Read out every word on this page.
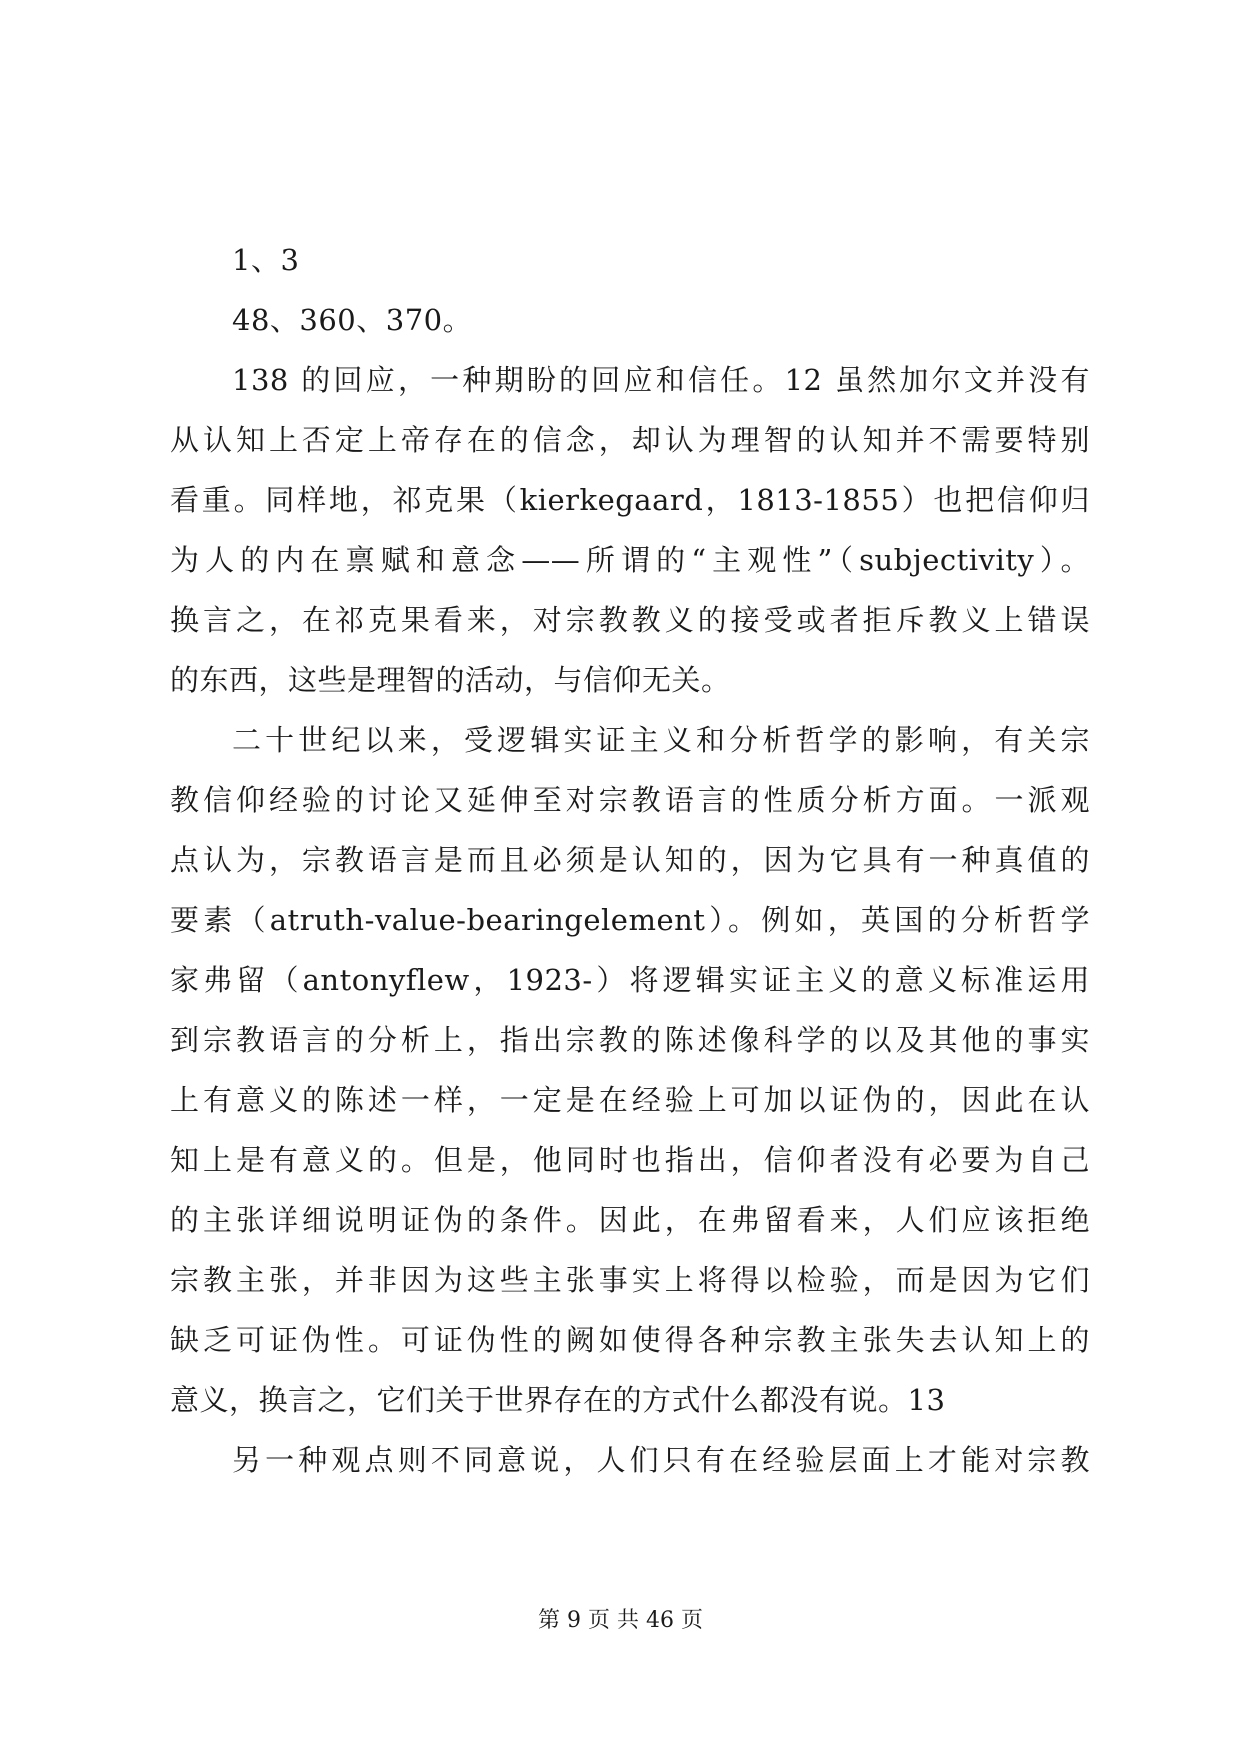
1、3
48、360、370。
138 的回应，一种期盼的回应和信任。12 虽然加尔文并没有
从认知上否定上帝存在的信念，却认为理智的认知并不需要特别
看重。同样地，祁克果（kierkegaard，1813-1855）也把信仰归
为人的内在禀赋和意念——所谓的“主观性”（subjectivity）。
换言之，在祁克果看来，对宗教教义的接受或者拒斥教义上错误
的东西，这些是理智的活动，与信仰无关。
二十世纪以来，受逻辑实证主义和分析哲学的影响，有关宗
教信仰经验的讨论又延伸至对宗教语言的性质分析方面。一派观
点认为，宗教语言是而且必须是认知的，因为它具有一种真值的
要素（atruth-value-bearingelement）。例如，英国的分析哲学
家弗留（antonyflew，1923-）将逻辑实证主义的意义标准运用
到宗教语言的分析上，指出宗教的陈述像科学的以及其他的事实
上有意义的陈述一样，一定是在经验上可加以证伪的，因此在认
知上是有意义的。但是，他同时也指出，信仰者没有必要为自己
的主张详细说明证伪的条件。因此，在弗留看来，人们应该拒绝
宗教主张，并非因为这些主张事实上将得以检验，而是因为它们
缺乏可证伪性。可证伪性的阙如使得各种宗教主张失去认知上的
意义，换言之，它们关于世界存在的方式什么都没有说。13
另一种观点则不同意说，人们只有在经验层面上才能对宗教
第 9 页 共 46 页
